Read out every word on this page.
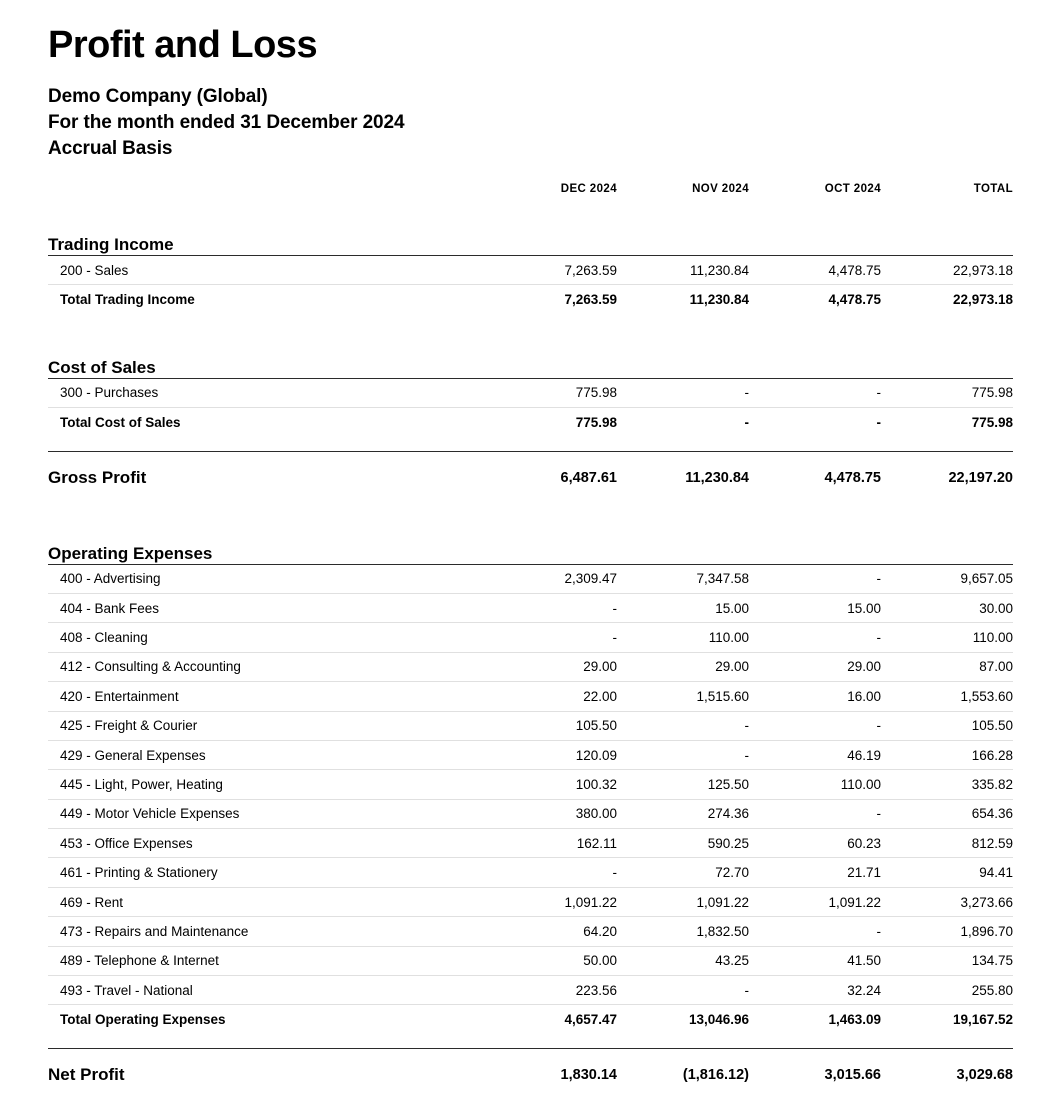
Profit and Loss
Demo Company (Global)
For the month ended 31 December 2024
Accrual Basis
	DEC 2024	NOV 2024	OCT 2024	TOTAL
Trading Income				
200 - Sales	7,263.59	11,230.84	4,478.75	22,973.18
Total Trading Income	7,263.59	11,230.84	4,478.75	22,973.18

Cost of Sales				
300 - Purchases	775.98	-	-	775.98
Total Cost of Sales	775.98	-	-	775.98

Gross Profit	6,487.61	11,230.84	4,478.75	22,197.20

Operating Expenses				
400 - Advertising	2,309.47	7,347.58	-	9,657.05
404 - Bank Fees	-	15.00	15.00	30.00
408 - Cleaning	-	110.00	-	110.00
412 - Consulting & Accounting	29.00	29.00	29.00	87.00
420 - Entertainment	22.00	1,515.60	16.00	1,553.60
425 - Freight & Courier	105.50	-	-	105.50
429 - General Expenses	120.09	-	46.19	166.28
445 - Light, Power, Heating	100.32	125.50	110.00	335.82
449 - Motor Vehicle Expenses	380.00	274.36	-	654.36
453 - Office Expenses	162.11	590.25	60.23	812.59
461 - Printing & Stationery	-	72.70	21.71	94.41
469 - Rent	1,091.22	1,091.22	1,091.22	3,273.66
473 - Repairs and Maintenance	64.20	1,832.50	-	1,896.70
489 - Telephone & Internet	50.00	43.25	41.50	134.75
493 - Travel - National	223.56	-	32.24	255.80
Total Operating Expenses	4,657.47	13,046.96	1,463.09	19,167.52

Net Profit	1,830.14	(1,816.12)	3,015.66	3,029.68
